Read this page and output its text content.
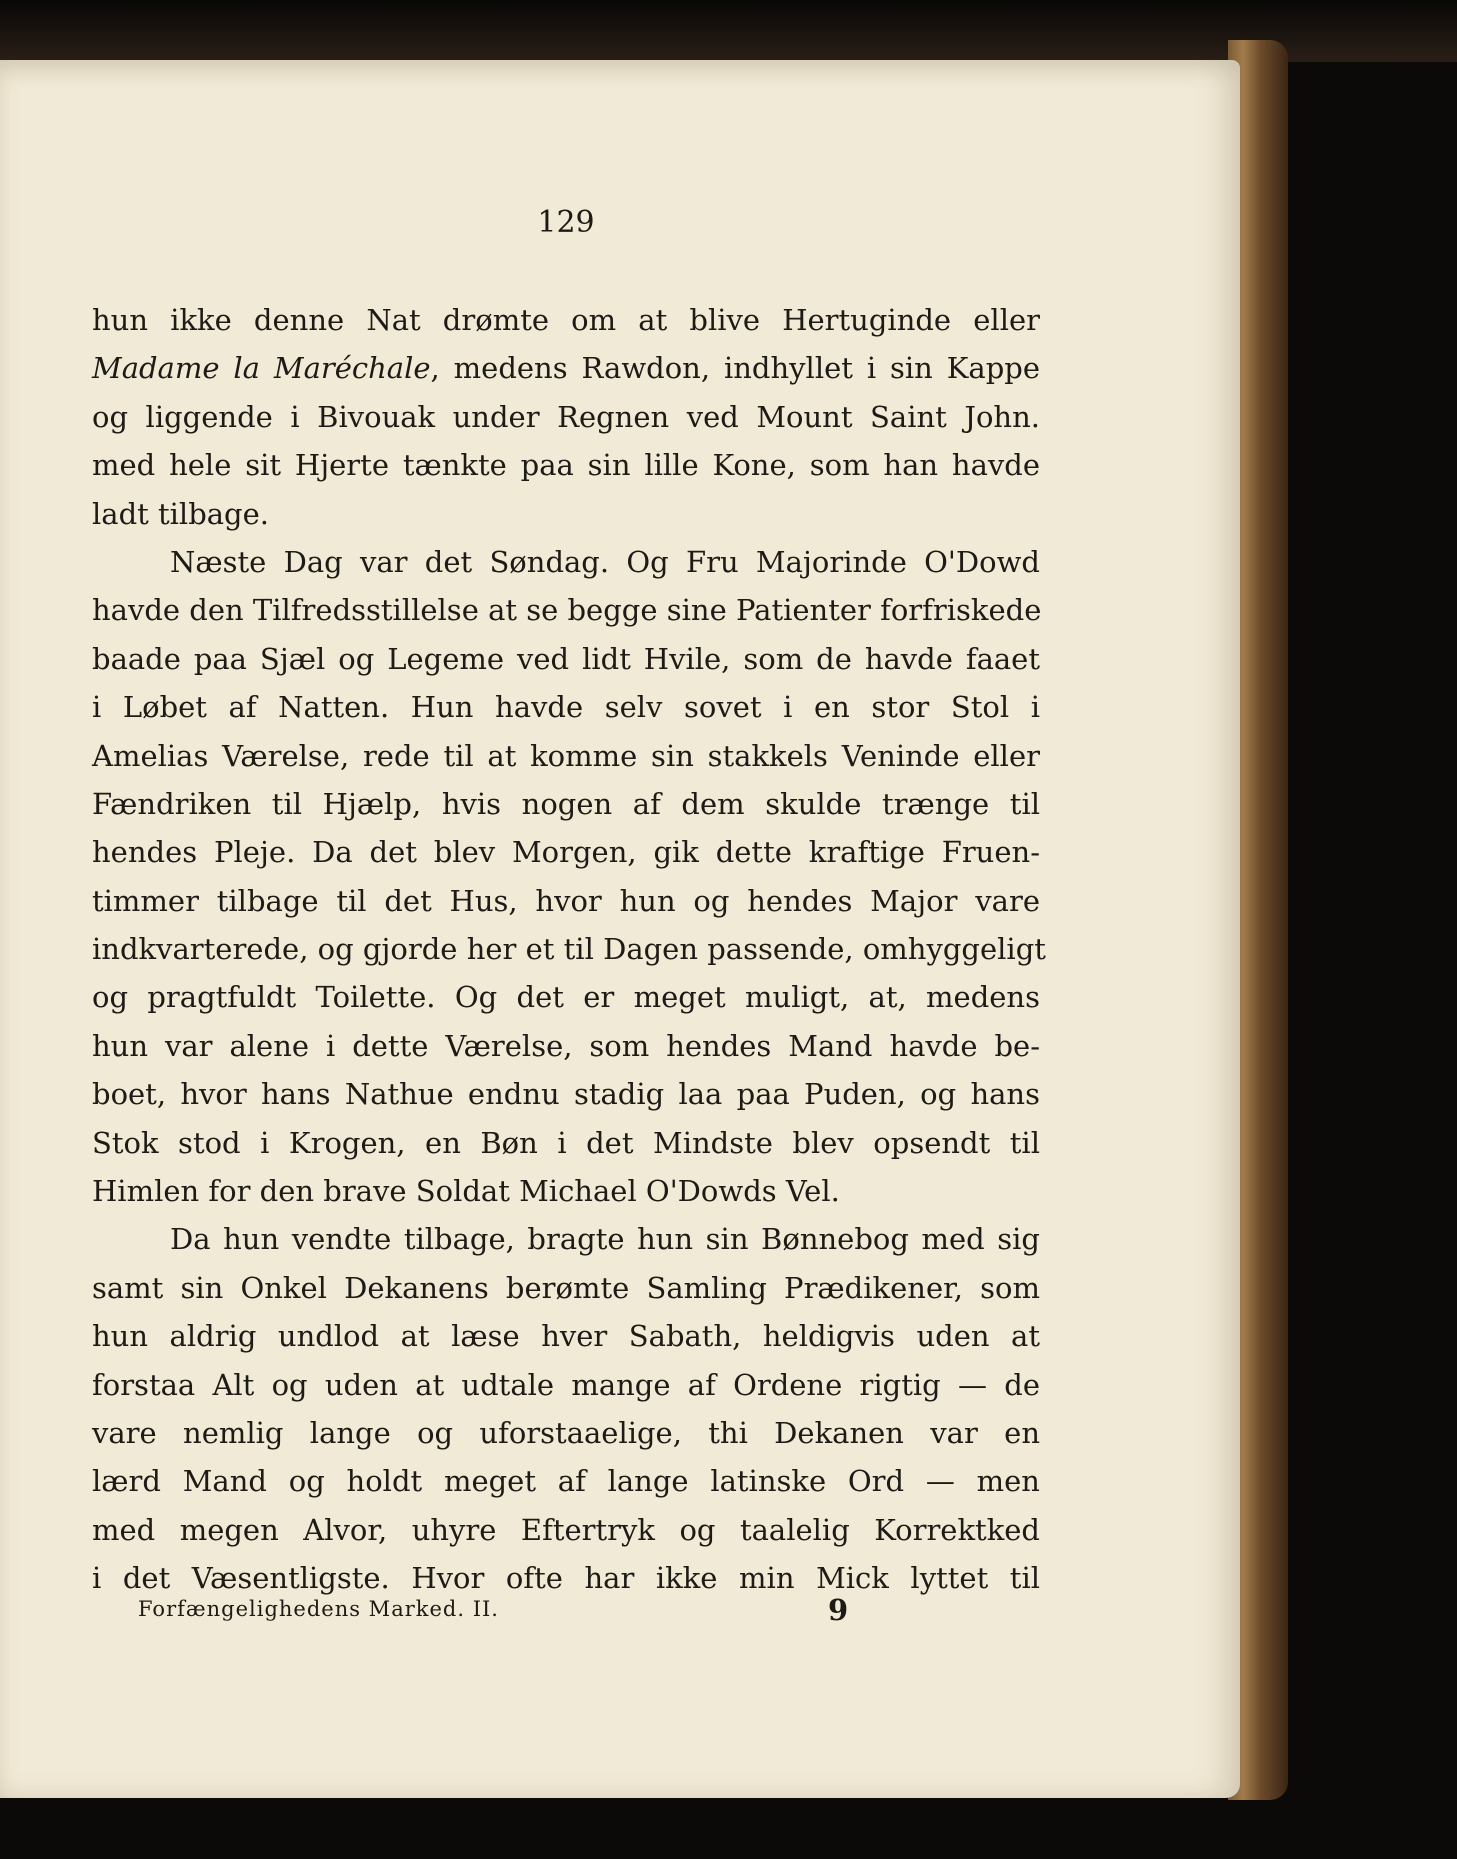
129

hun ikke denne Nat drømte om at blive Hertuginde eller
Madame la Maréchale, medens Rawdon, indhyllet i sin Kappe
og liggende i Bivouak under Regnen ved Mount Saint John.
med hele sit Hjerte tænkte paa sin lille Kone, som han havde
ladt tilbage.
Næste Dag var det Søndag. Og Fru Majorinde O'Dowd
havde den Tilfredsstillelse at se begge sine Patienter forfriskede
baade paa Sjæl og Legeme ved lidt Hvile, som de havde faaet
i Løbet af Natten. Hun havde selv sovet i en stor Stol i
Amelias Værelse, rede til at komme sin stakkels Veninde eller
Fændriken til Hjælp, hvis nogen af dem skulde trænge til
hendes Pleje. Da det blev Morgen, gik dette kraftige Fruen-
timmer tilbage til det Hus, hvor hun og hendes Major vare
indkvarterede, og gjorde her et til Dagen passende, omhyggeligt
og pragtfuldt Toilette. Og det er meget muligt, at, medens
hun var alene i dette Værelse, som hendes Mand havde be-
boet, hvor hans Nathue endnu stadig laa paa Puden, og hans
Stok stod i Krogen, en Bøn i det Mindste blev opsendt til
Himlen for den brave Soldat Michael O'Dowds Vel.
Da hun vendte tilbage, bragte hun sin Bønnebog med sig
samt sin Onkel Dekanens berømte Samling Prædikener, som
hun aldrig undlod at læse hver Sabath, heldigvis uden at
forstaa Alt og uden at udtale mange af Ordene rigtig — de
vare nemlig lange og uforstaaelige, thi Dekanen var en
lærd Mand og holdt meget af lange latinske Ord — men
med megen Alvor, uhyre Eftertryk og taalelig Korrektked
i det Væsentligste. Hvor ofte har ikke min Mick lyttet til

Forfængelighedens Marked. II.	9
